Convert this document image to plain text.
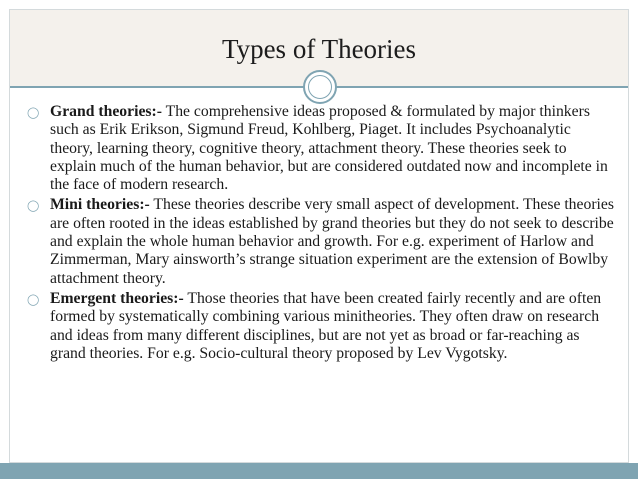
Types of Theories
◯ Grand theories:- The comprehensive ideas proposed & formulated by major thinkers such as Erik Erikson, Sigmund Freud, Kohlberg, Piaget. It includes Psychoanalytic theory, learning theory, cognitive theory, attachment theory. These theories seek to explain much of the human behavior, but are considered outdated now and incomplete in the face of modern research.
◯ Mini theories:- These theories describe very small aspect of development. These theories are often rooted in the ideas established by grand theories but they do not seek to describe and explain the whole human behavior and growth. For e.g. experiment of Harlow and Zimmerman, Mary ainsworth’s strange situation experiment are the extension of Bowlby attachment theory.
◯ Emergent theories:- Those theories that have been created fairly recently and are often formed by systematically combining various minitheories. They often draw on research and ideas from many different disciplines, but are not yet as broad or far-reaching as grand theories. For e.g. Socio-cultural theory proposed by Lev Vygotsky.
